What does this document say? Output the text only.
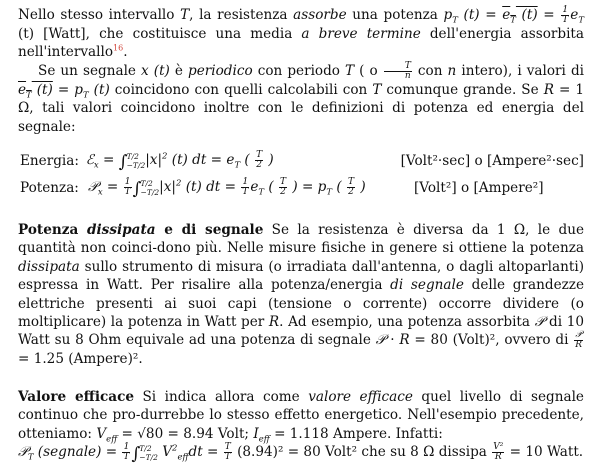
Nello stesso intervallo T, la resistenza assorbe una potenza $p_T$ $(t) = e_T$ $(t) = \frac{1}{T} e_T$ (t) [Watt], che costituisce una media a breve termine dell'energia assorbita nell'intervallo$^{16}$.

Se un segnale x (t) è periodico con periodo T ( o $\frac{T}{n}$ con n intero), i valori di $e_T$ $(t) = p_T$ (t) coincidono con quelli calcolabili con T comunque grande. Se R = 1 Ω, tali valori coincidono inoltre con le definizioni di potenza ed energia del segnale:

Energia: ℰ$_x$ = ∫ T/2
−T/2 $|x|^2$ (t) dt = $e_T$ ( $\frac{T}{2}$ )	[Volt²·sec] o [Ampere²·sec]
Potenza: 𝒫$_x$ = $\frac{1}{T}$ ∫ T/2
−T/2 $|x|^2$ (t) dt = $\frac{1}{T} e_T$ ( $\frac{T}{2}$ ) = $p_T$ ( $\frac{T}{2}$ )	[Volt²] o [Ampere²]

Potenza dissipata e di segnale Se la resistenza è diversa da 1 Ω, le due quantità non coinci-dono più. Nelle misure fisiche in genere si ottiene la potenza dissipata sullo strumento di misura (o irradiata dall'antenna, o dagli altoparlanti) espressa in Watt. Per risalire alla potenza/energia di segnale delle grandezze elettriche presenti ai suoi capi (tensione o corrente) occorre dividere (o moltiplicare) la potenza in Watt per R. Ad esempio, una potenza assorbita 𝒫 di 10 Watt su 8 Ohm equivale ad una potenza di segnale 𝒫 · R = 80 (Volt)², ovvero di $\frac{\text{𝒫}}{R}$
= 1.25 (Ampere)².

Valore efficace Si indica allora come valore efficace quel livello di segnale continuo che pro-durrebbe lo stesso effetto energetico. Nell'esempio precedente, otteniamo: $V_{eff} = √80 = 8.94$ Volt; $I_{eff} = 1.118$ Ampere. Infatti:

𝒫$_T$ (segnale) = $\frac{1}{T}$ ∫ T/2
−T/2 $V^2_{eff}dt = \frac{T}{T} (8.94)^2 = 80$ Volt² che su 8 Ω dissipa $\frac{\text{V²}}{R} = 10$ Watt.
